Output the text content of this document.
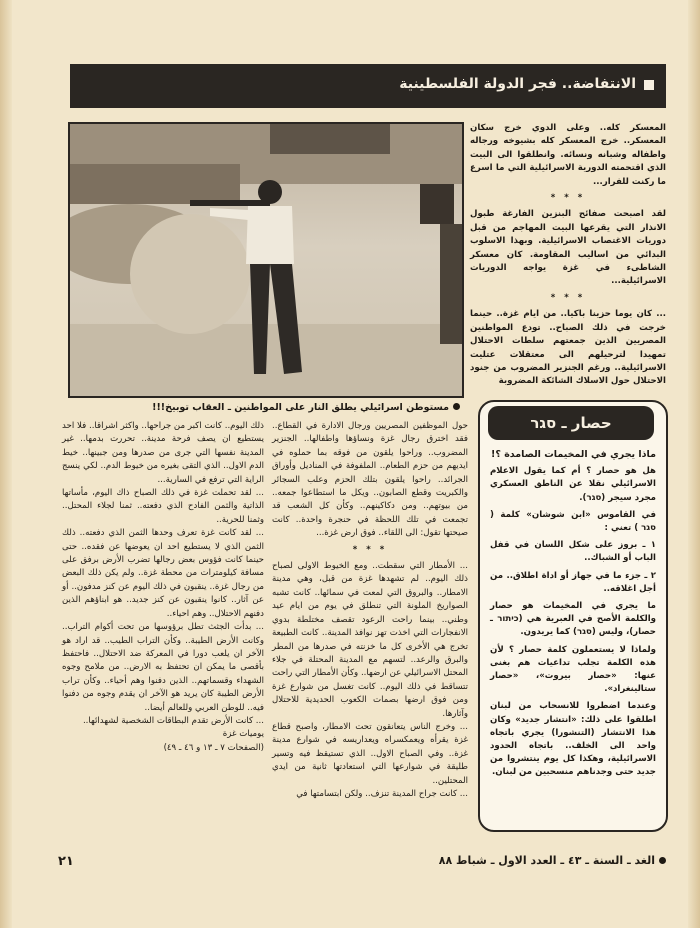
الانتفاضة.. فجر الدولة الفلسطينية
مستوطن اسرائيلي يطلق النار على المواطنين ـ العقاب توبيخ!!!

المعسكر كله.. وعلى الدوي خرج سكان المعسكر.. خرج المعسكر كله بشيوخه ورجاله واطفاله وشبانه ونسائه. وانطلقوا الى البيت الذي اقتحمته الدورية الاسرائيلية التي ما اسرع ما ركنت للفرار...

* * *

لقد اصبحت صفائح البنزين الفارغة طبول الانذار التي يقرعها البيت المهاجم من قبل دوريات الاغتصاب الاسرائيلية. وبهذا الاسلوب البدائي من اساليب المقاومة. كان معسكر الشاطىء في غزة يواجه الدوريات الاسرائيلية...

* * *

... كان يوما حزينا باكيا.. من ايام غزة.. حينما خرجت في ذلك الصباح.. تودع المواطنين المصريين الذين جمعتهم سلطات الاحتلال تمهيدا لترحيلهم الى معتقلات عتليت الاسرائيلية.. ورغم الجنزير المضروب من جنود الاحتلال حول الاسلاك الشائكة المضروبة

حصار ـ סגר

ماذا يجري في المخيمات الصامدة ؟!

هل هو حصار ؟ أم كما يقول الاعلام الاسرائيلي نقلا عن الناطق العسكري مجرد سيجر (סגר).

في القاموس «ابن شوشان» كلمة ( סגר ) تعني :

١ ـ بروز على شكل اللسان في قفل الباب أو الشباك..

٢ ـ جزء ما في جهاز أو اداة اطلاق.. من أجل اغلاقه..

ما يجري في المخيمات هو حصار والكلمة الأصح في العبرية هي (כיתור ـ حصار)، وليس (סגר) كما يريدون.

ولماذا لا يستعملون كلمة حصار ؟ لأن هذه الكلمة تجلب تداعيات هم بغنى عنها: «حصار بيروت»، «حصار ستالينغراد».

وعندما اضطروا للانسحاب من لبنان اطلقوا على ذلك: «انتشار جديد» وكان هذا الانتشار (التنشورا) يجري باتجاه واحد الى الخلف.. باتجاه الحدود الاسرائيلية، وهكذا كل يوم ينتشروا من جديد حتى وجدناهم منسحبين من لبنان.

حول الموظفين المصريين ورجال الادارة في القطاع.. فقد اخترق رجال غزة ونساؤها واطفالها.. الجنزير المضروب.. وراحوا يلقون من فوقه بما حملوه في ايديهم من حزم الطعام.. الملفوفة في المناديل وأوراق الجرائد.. راحوا يلقون بتلك الحزم وعلب السجائر والكبريت وقطع الصابون.. ويكل ما استطاعوا جمعه.. من بيوتهم.. ومن دكاكينهم.. وكأن كل الشعب قد تجمعت في تلك اللحظة في حنجرة واحدة.. كانت صيحتها تقول: الى اللقاء.. فوق ارض غزة...

* * *

... الأمطار التي سقطت.. ومع الخيوط الاولى لصباح ذلك اليوم.. لم تشهدها غزة من قبل، وهي مدينة الامطار.. والبروق التي لمعت في سمائها.. كانت تشبه الصواريخ الملونة التي تنطلق في يوم من ايام عيد وطني.. بينما راحت الرعود تقصف مختلطة بدوي الانفجارات التي اخذت تهز نوافذ المدينة.. كانت الطبيعة تخرج هي الأخرى كل ما خزنته في صدرها من المطر والبرق والرعد.. لتسهم مع المدينة المحتلة في جلاء المحتل الاسرائيلي عن ارضها.. وكأن الأمطار التي راحت تتساقط في ذلك اليوم.. كانت تغسل من شوارع غزة ومن فوق ارضها بصمات الكعوب الحديدية للاحتلال وآثارها.

... وخرج الناس يتعانقون تحت الامطار، واصبح قطاع غزة يقرأه ويعمكسراه ويعداريسه في شوارع مدينة غزة.. وفي الصباح الاول.. الذي تستيقظ فيه وتسير طليقة في شوارعها التي استعادتها ثانية من ايدي المحتلين..

... كانت جراح المدينة تنزف.. ولكن ابتسامتها في

ذلك اليوم.. كانت اكبر من جراحها.. واكثر اشراقا.. فلا احد يستطيع ان يصف فرحة مدينة.. تحررت بدمها.. غير المدينة نفسها التي جرى من صدرها ومن جبينها.. خيط الدم الاول.. الذي التقى بغيره من خيوط الدم.. لكي ينسج الراية التي ترفع في السارية...

... لقد تحملت غزة في ذلك الصباح ذاك اليوم، مأساتها الذاتية والثمن الفادح الذي دفعته.. ثمنا لجلاء المحتل.. وثمنا للحرية..

... لقد كانت غزة تعرف وحدها الثمن الذي دفعته.. ذلك الثمن الذي لا يستطيع احد ان يعوضها عن فقده.. حتى حينما كانت فؤوس بعض رجالها تضرب الأرض برفق على مسافة كيلومترات من محطة غزة.. ولم يكن ذلك البعض من رجال غزة.. ينقبون في ذلك اليوم عن كنز مدفون.. أو عن آثار.. كانوا ينقبون عن كنز جديد.. هو ابناؤهم الذين دفنهم الاحتلال.. وهم احياء..

... بدأت الجثث تطل برؤوسها من تحت أكوام التراب.. وكانت الأرض الطيبة.. وكأن التراب الطيب.. قد اراد هو الآخر ان يلعب دورا في المعركة ضد الاحتلال.. فاحتفظ بأقصى ما يمكن ان تحتفظ به الارض.. من ملامح وجوه الشهداء وقسماتهم.. الذين دفنوا وهم أحياء.. وكأن تراب الأرض الطيبة كان يريد هو الآخر ان يقدم وجوه من دفنوا فيه.. للوطن العربي وللعالم أيضا..

... كانت الأرض تقدم البطاقات الشخصية لشهدائها..

يوميات غزة

(الصفحات ٧ ـ ١٣ و ٤٦ ـ ٤٩)

الغد ـ السنة ـ ٤٣ ـ العدد الاول ـ شباط ٨٨
٢١
